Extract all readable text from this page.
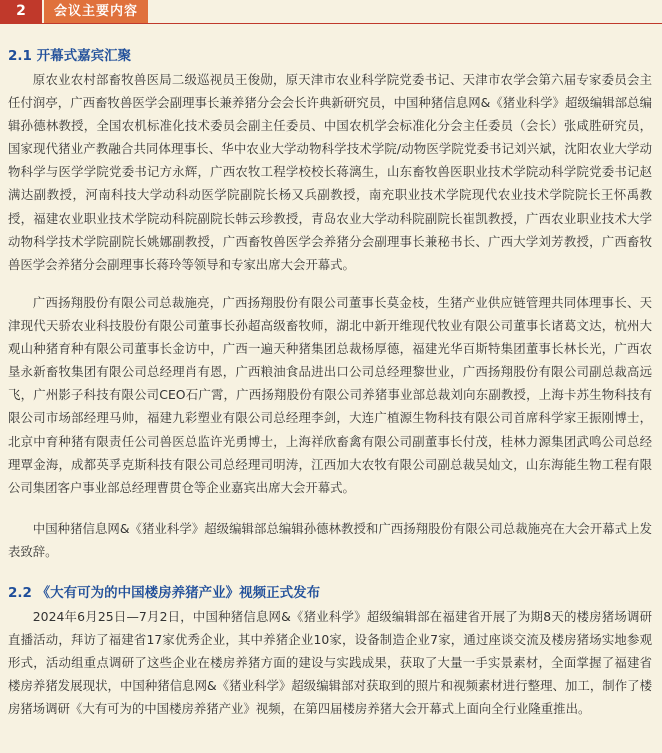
2	会议主要内容
2.1 开幕式嘉宾汇聚

原农业农村部畜牧兽医局二级巡视员王俊勋，原天津市农业科学院党委书记、天津市农学会第六届专家委员会主任付润亭，广西畜牧兽医学会副理事长兼养猪分会会长许典新研究员，中国种猪信息网&《猪业科学》超级编辑部总编辑孙德林教授，全国农机标准化技术委员会副主任委员、中国农机学会标准化分会主任委员（会长）张咸胜研究员，国家现代猪业产教融合共同体理事长、华中农业大学动物科学技术学院/动物医学院党委书记刘兴斌，沈阳农业大学动物科学与医学学院党委书记方永辉，广西农牧工程学校校长蒋漓生，山东畜牧兽医职业技术学院动科学院党委书记赵满达副教授，河南科技大学动科动医学院副院长杨又兵副教授，南充职业技术学院现代农业技术学院院长王怀禹教授，福建农业职业技术学院动科院副院长韩云珍教授，青岛农业大学动科院副院长崔凯教授，广西农业职业技术大学动物科学技术学院副院长姚娜副教授，广西畜牧兽医学会养猪分会副理事长兼秘书长、广西大学刘芳教授，广西畜牧兽医学会养猪分会副理事长蒋玲等领导和专家出席大会开幕式。

广西扬翔股份有限公司总裁施亮，广西扬翔股份有限公司董事长莫金枝，生猪产业供应链管理共同体理事长、天津现代天骄农业科技股份有限公司董事长孙超高级畜牧师，湖北中新开维现代牧业有限公司董事长诸葛文达，杭州大观山种猪育种有限公司董事长金访中，广西一遍天种猪集团总裁杨厚德，福建光华百斯特集团董事长林长光，广西农垦永新畜牧集团有限公司总经理肖有恩，广西粮油食品进出口公司总经理黎世业，广西扬翔股份有限公司副总裁高远飞，广州影子科技有限公司CEO石广霄，广西扬翔股份有限公司养猪事业部总裁刘向东副教授，上海卡苏生物科技有限公司市场部经理马帅，福建九彩塑业有限公司总经理李剑，大连广植源生物科技有限公司首席科学家王振刚博士，北京中育种猪有限责任公司兽医总监许光勇博士，上海祥欣畜禽有限公司副董事长付茂，桂林力源集团武鸣公司总经理覃金海，成都英孚克斯科技有限公司总经理司明涛，江西加大农牧有限公司副总裁吴灿文，山东海能生物工程有限公司集团客户事业部总经理曹贯仓等企业嘉宾出席大会开幕式。

中国种猪信息网&《猪业科学》超级编辑部总编辑孙德林教授和广西扬翔股份有限公司总裁施亮在大会开幕式上发表致辞。

2.2 《大有可为的中国楼房养猪产业》视频正式发布

2024年6月25日—7月2日，中国种猪信息网&《猪业科学》超级编辑部在福建省开展了为期8天的楼房猪场调研直播活动，拜访了福建省17家优秀企业，其中养猪企业10家，设备制造企业7家，通过座谈交流及楼房猪场实地参观形式，活动组重点调研了这些企业在楼房养猪方面的建设与实践成果，获取了大量一手实景素材，全面掌握了福建省楼房养猪发展现状，中国种猪信息网&《猪业科学》超级编辑部对获取到的照片和视频素材进行整理、加工，制作了楼房猪场调研《大有可为的中国楼房养猪产业》视频，在第四届楼房养猪大会开幕式上面向全行业隆重推出。
